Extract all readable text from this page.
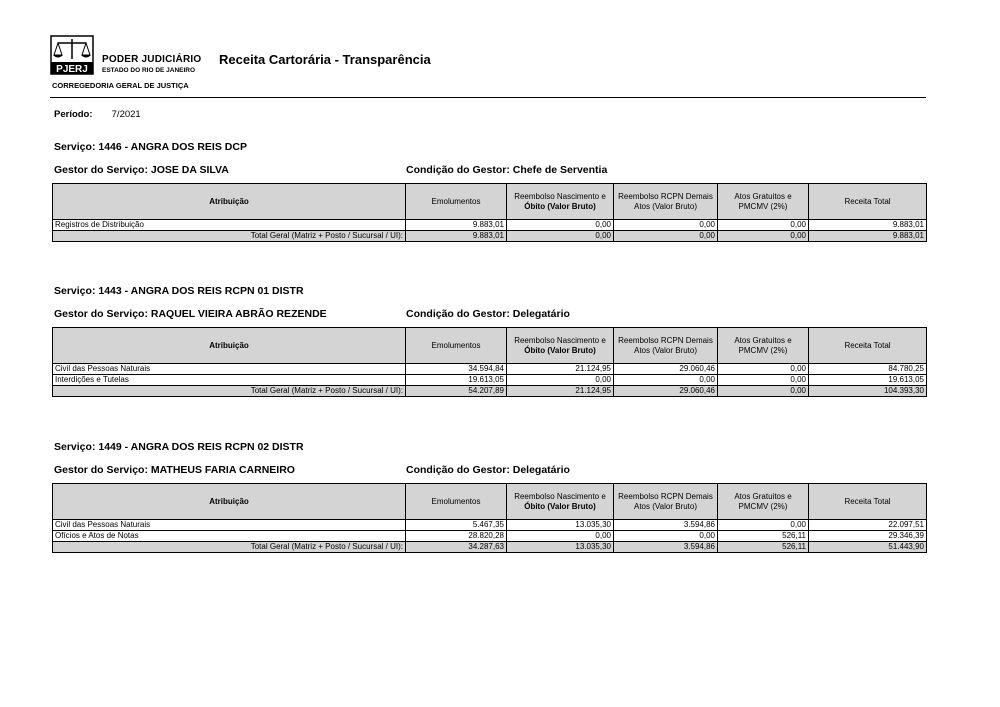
PJERJ
PODER JUDICIÁRIO
ESTADO DO RIO DE JANEIRO
CORREGEDORIA GERAL DE JUSTIÇA
Receita Cartorária - Transparência
Período: 7/2021
Serviço: 1446 - ANGRA DOS REIS DCP
Gestor do Serviço: JOSE DA SILVA	Condição do Gestor: Chefe de Serventia
Atribuição	Emolumentos	Reembolso Nascimento e
Óbito (Valor Bruto)	Reembolso RCPN Demais Atos (Valor Bruto)	Atos Gratuitos e PMCMV (2%)	Receita Total
Registros de Distribuição	9.883,01	0,00	0,00	0,00	9.883,01
Total Geral (Matriz + Posto / Sucursal / UI):	9.883,01	0,00	0,00	0,00	9.883,01
Serviço: 1443 - ANGRA DOS REIS RCPN 01 DISTR
Gestor do Serviço: RAQUEL VIEIRA ABRÃO REZENDE	Condição do Gestor: Delegatário
Atribuição	Emolumentos	Reembolso Nascimento e
Óbito (Valor Bruto)	Reembolso RCPN Demais Atos (Valor Bruto)	Atos Gratuitos e PMCMV (2%)	Receita Total
Civil das Pessoas Naturais	34.594,84	21.124,95	29.060,46	0,00	84.780,25
Interdições e Tutelas	19.613,05	0,00	0,00	0,00	19.613,05
Total Geral (Matriz + Posto / Sucursal / UI):	54.207,89	21.124,95	29.060,46	0,00	104.393,30
Serviço: 1449 - ANGRA DOS REIS RCPN 02 DISTR
Gestor do Serviço: MATHEUS FARIA CARNEIRO	Condição do Gestor: Delegatário
Atribuição	Emolumentos	Reembolso Nascimento e
Óbito (Valor Bruto)	Reembolso RCPN Demais Atos (Valor Bruto)	Atos Gratuitos e PMCMV (2%)	Receita Total
Civil das Pessoas Naturais	5.467,35	13.035,30	3.594,86	0,00	22.097,51
Ofícios e Atos de Notas	28.820,28	0,00	0,00	526,11	29.346,39
Total Geral (Matriz + Posto / Sucursal / UI):	34.287,63	13.035,30	3.594,86	526,11	51.443,90
